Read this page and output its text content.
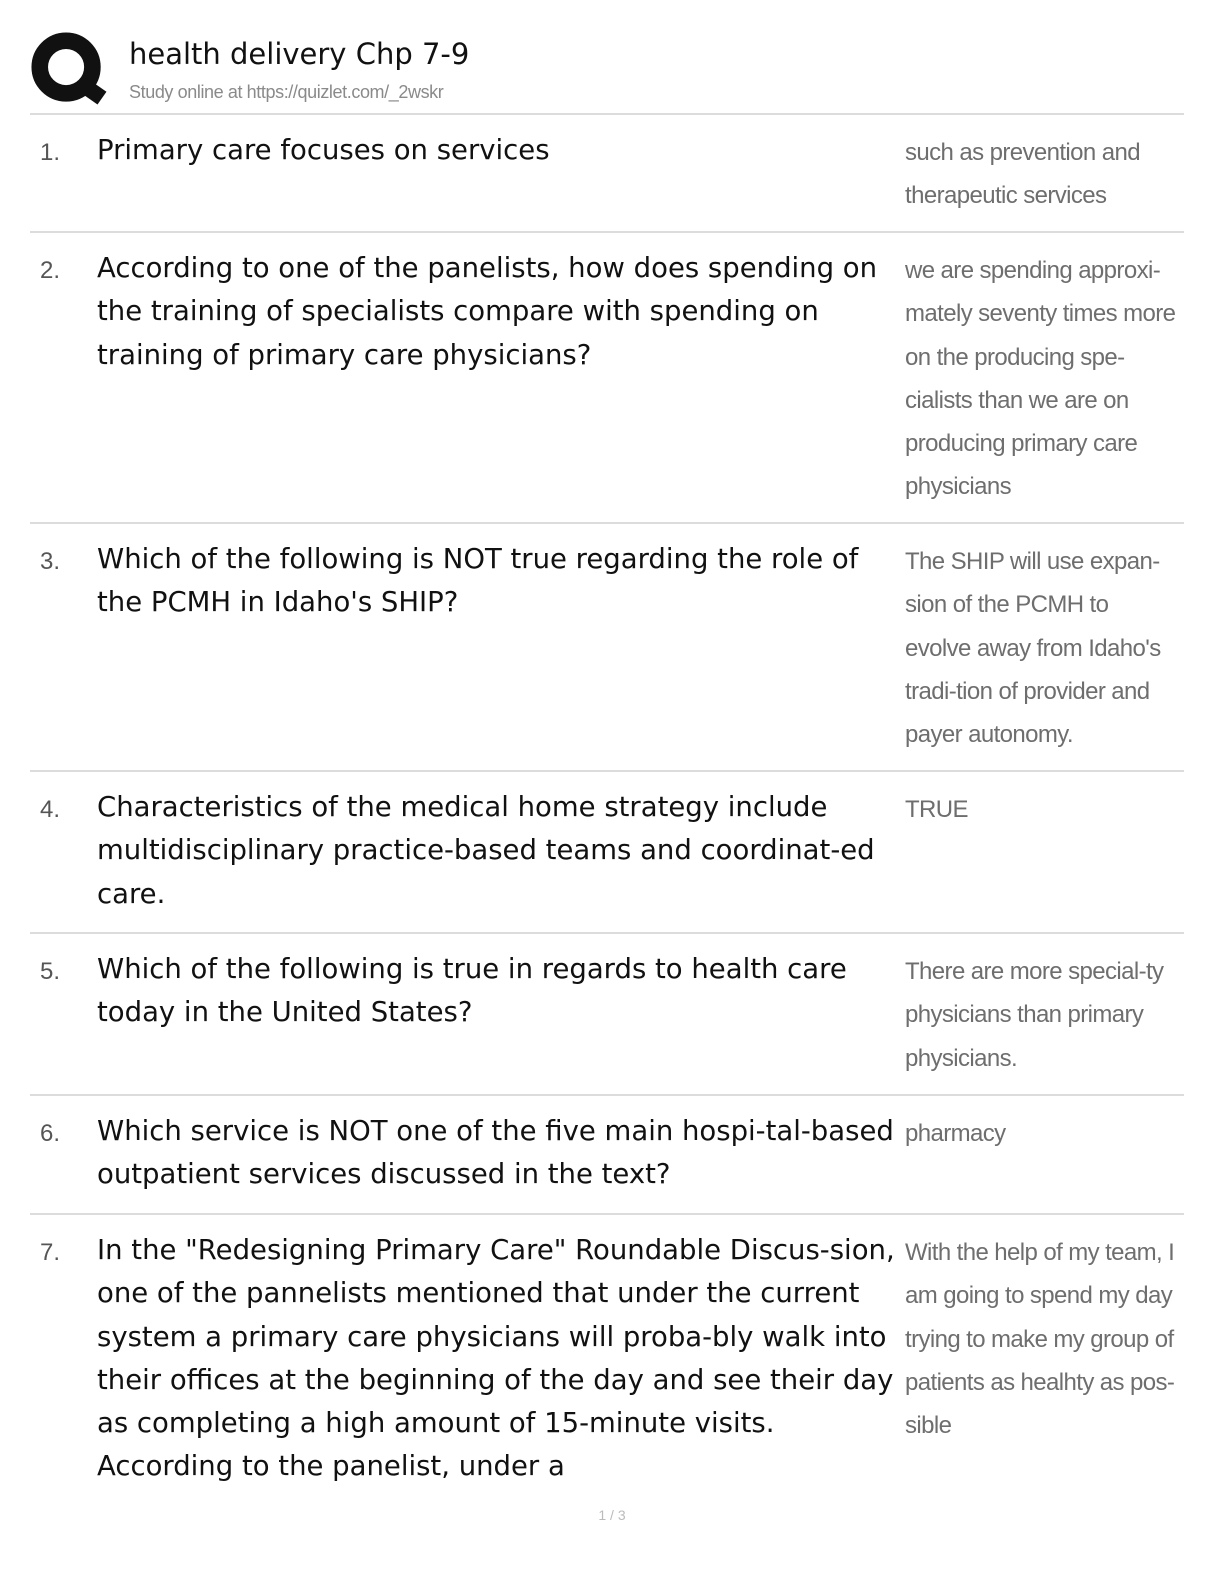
health delivery Chp 7-9
Study online at https://quizlet.com/_2wskr
1. Primary care focuses on services	such as prevention and therapeutic services
2. According to one of the panelists, how does spending on the training of specialists compare with spending on training of primary care physicians?
we are spending approxi-mately seventy times more on the producing spe-cialists than we are on producing primary care physicians
3. Which of the following is NOT true regarding the role of the PCMH in Idaho's SHIP?
The SHIP will use expan-sion of the PCMH to evolve away from Idaho's tradi-tion of provider and payer autonomy.
4. Characteristics of the medical home strategy include multidisciplinary practice-based teams and coordinat-ed care.
TRUE
5. Which of the following is true in regards to health care today in the United States?
There are more special-ty physicians than primary physicians.
6. Which service is NOT one of the five main hospi-tal-based outpatient services discussed in the text?
pharmacy
7. In the "Redesigning Primary Care" Roundable Discus-sion, one of the pannelists mentioned that under the current system a primary care physicians will proba-bly walk into their offices at the beginning of the day and see their day as completing a high amount of 15-minute visits. According to the panelist, under a
With the help of my team, I am going to spend my day trying to make my group of patients as healhty as pos-sible
1 / 3
